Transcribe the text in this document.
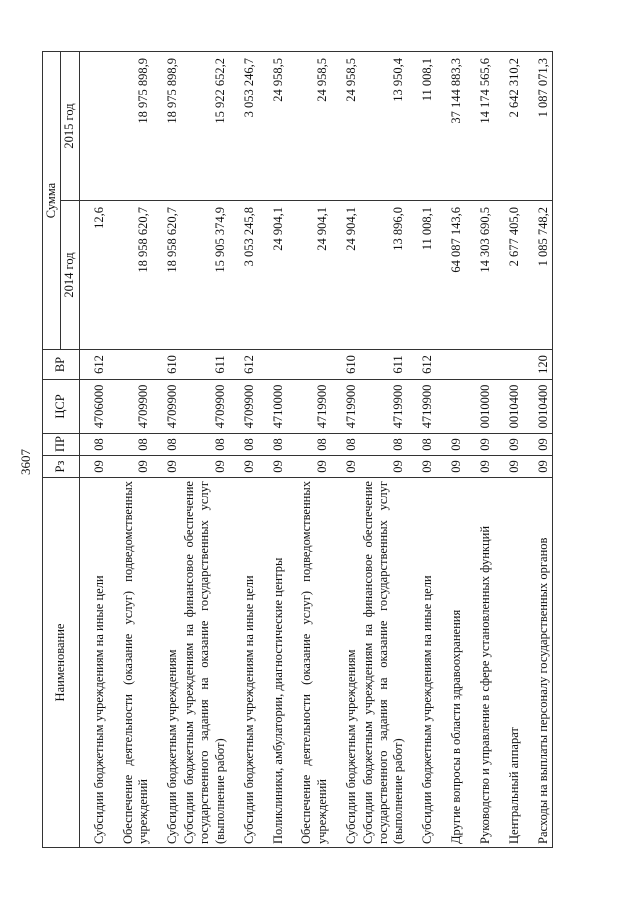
3607
Наименование	Рз	ПР	ЦСР	ВР	Сумма	
					2014 год	2015 год
Субсидии бюджетным учреждениям на иные цели	09	08	4706000	612	12,6	
Обеспечение деятельности (оказание услуг) подведомственных учреждений	09	08	4709900		18 958 620,7	18 975 898,9
Субсидии бюджетным учреждениям	09	08	4709900	610	18 958 620,7	18 975 898,9
Субсидии бюджетным учреждениям на финансовое обеспечение государственного задания на оказание государственных услуг (выполнение работ)	09	08	4709900	611	15 905 374,9	15 922 652,2
Субсидии бюджетным учреждениям на иные цели	09	08	4709900	612	3 053 245,8	3 053 246,7
Поликлиники, амбулатории, диагностические центры	09	08	4710000		24 904,1	24 958,5
Обеспечение деятельности (оказание услуг) подведомственных учреждений	09	08	4719900		24 904,1	24 958,5
Субсидии бюджетным учреждениям	09	08	4719900	610	24 904,1	24 958,5
Субсидии бюджетным учреждениям на финансовое обеспечение государственного задания на оказание государственных услуг (выполнение работ)	09	08	4719900	611	13 896,0	13 950,4
Субсидии бюджетным учреждениям на иные цели	09	08	4719900	612	11 008,1	11 008,1
Другие вопросы в области здравоохранения	09	09			64 087 143,6	37 144 883,3
Руководство и управление в сфере установленных функций	09	09	0010000		14 303 690,5	14 174 565,6
Центральный аппарат	09	09	0010400		2 677 405,0	2 642 310,2
Расходы на выплаты персоналу государственных органов	09	09	0010400	120	1 085 748,2	1 087 071,3
